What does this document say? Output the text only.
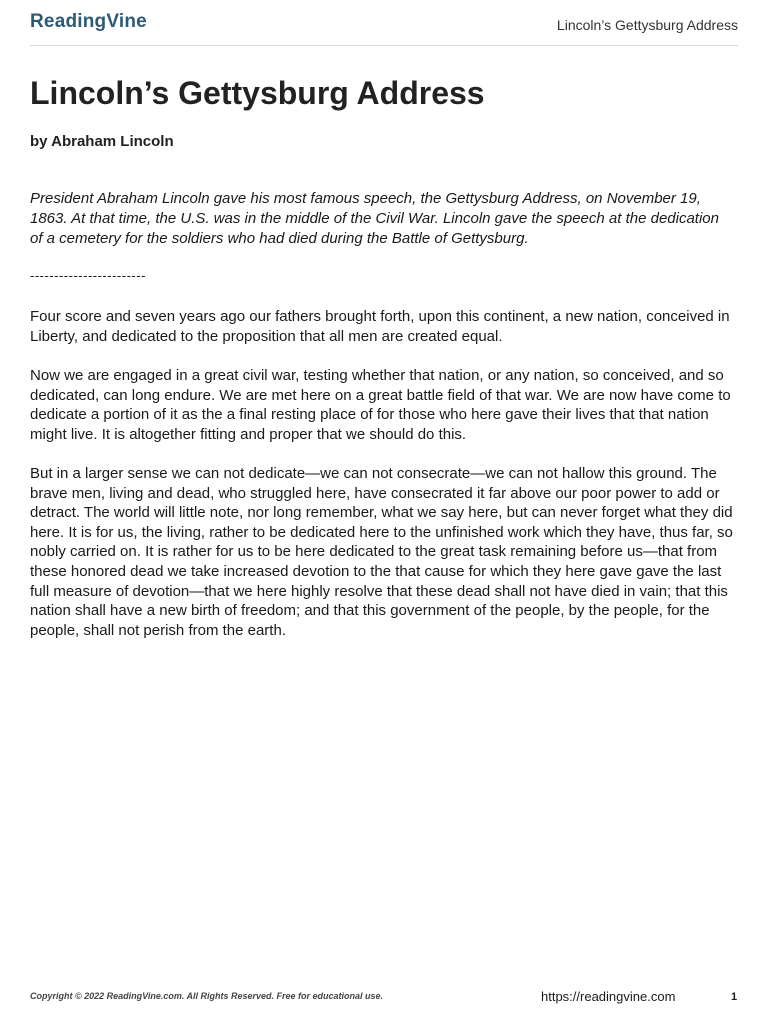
ReadingVine	Lincoln’s Gettysburg Address
Lincoln’s Gettysburg Address
by Abraham Lincoln

President Abraham Lincoln gave his most famous speech, the Gettysburg Address, on November 19, 1863. At that time, the U.S. was in the middle of the Civil War. Lincoln gave the speech at the dedication of a cemetery for the soldiers who had died during the Battle of Gettysburg.

------------------------

Four score and seven years ago our fathers brought forth, upon this continent, a new nation, conceived in Liberty, and dedicated to the proposition that all men are created equal.

Now we are engaged in a great civil war, testing whether that nation, or any nation, so conceived, and so dedicated, can long endure. We are met here on a great battle field of that war. We are now have come to dedicate a portion of it as the a final resting place of for those who here gave their lives that that nation might live. It is altogether fitting and proper that we should do this.

But in a larger sense we can not dedicate—we can not consecrate—we can not hallow this ground. The brave men, living and dead, who struggled here, have consecrated it far above our poor power to add or detract. The world will little note, nor long remember, what we say here, but can never forget what they did here. It is for us, the living, rather to be dedicated here to the unfinished work which they have, thus far, so nobly carried on. It is rather for us to be here dedicated to the great task remaining before us—that from these honored dead we take increased devotion to the that cause for which they here gave gave the last full measure of devotion—that we here highly resolve that these dead shall not have died in vain; that this nation shall have a new birth of freedom; and that this government of the people, by the people, for the people, shall not perish from the earth.

Copyright © 2022 ReadingVine.com. All Rights Reserved. Free for educational use.	https://readingvine.com	1
